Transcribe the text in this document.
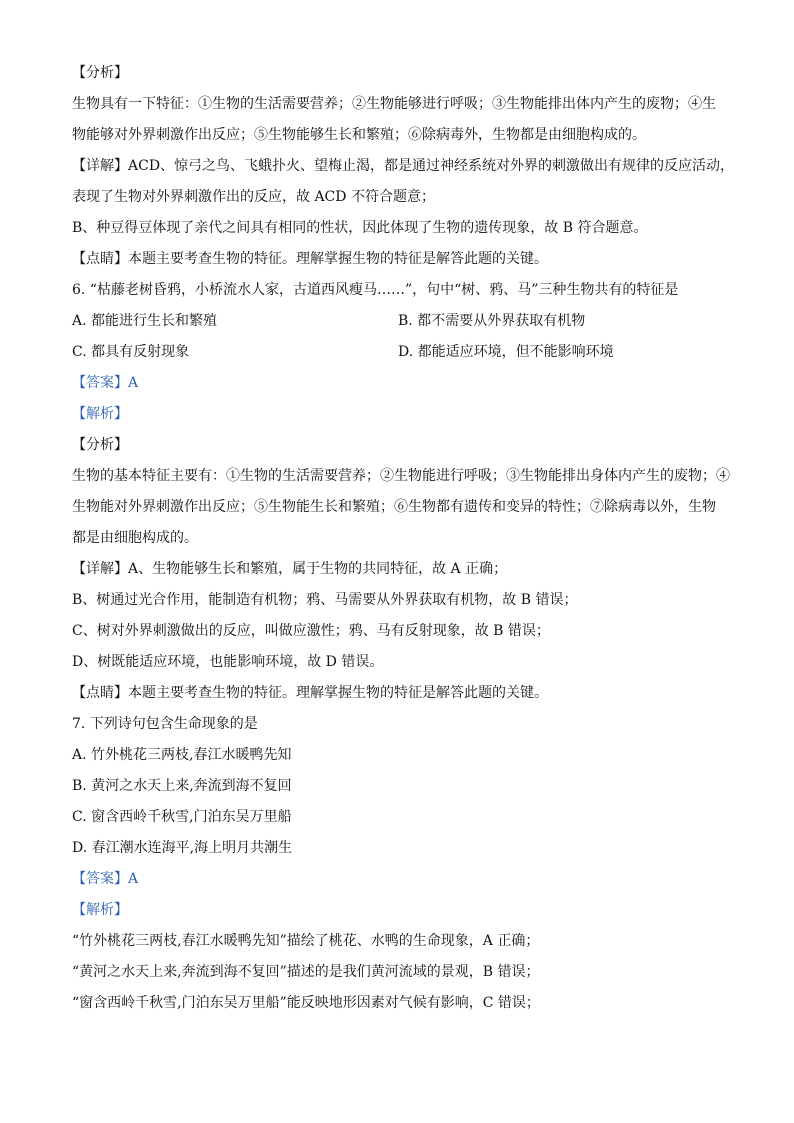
【分析】
生物具有一下特征：①生物的生活需要营养；②生物能够进行呼吸；③生物能排出体内产生的废物；④生
物能够对外界刺激作出反应；⑤生物能够生长和繁殖；⑥除病毒外，生物都是由细胞构成的。
【详解】ACD、惊弓之鸟、飞蛾扑火、望梅止渴，都是通过神经系统对外界的刺激做出有规律的反应活动，
表现了生物对外界刺激作出的反应，故 ACD 不符合题意；
B、种豆得豆体现了亲代之间具有相同的性状，因此体现了生物的遗传现象，故 B 符合题意。
【点睛】本题主要考查生物的特征。理解掌握生物的特征是解答此题的关键。
6. “枯藤老树昏鸦，小桥流水人家，古道西风瘦马……”，句中“树、鸦、马”三种生物共有的特征是
A. 都能进行生长和繁殖	B. 都不需要从外界获取有机物
C. 都具有反射现象	D. 都能适应环境，但不能影响环境
【答案】A
【解析】
【分析】
生物的基本特征主要有：①生物的生活需要营养；②生物能进行呼吸；③生物能排出身体内产生的废物；④
生物能对外界刺激作出反应；⑤生物能生长和繁殖；⑥生物都有遗传和变异的特性；⑦除病毒以外，生物
都是由细胞构成的。
【详解】A、生物能够生长和繁殖，属于生物的共同特征，故 A 正确；
B、树通过光合作用，能制造有机物；鸦、马需要从外界获取有机物，故 B 错误；
C、树对外界刺激做出的反应，叫做应激性；鸦、马有反射现象，故 B 错误；
D、树既能适应环境，也能影响环境，故 D 错误。
【点睛】本题主要考查生物的特征。理解掌握生物的特征是解答此题的关键。
7. 下列诗句包含生命现象的是
A. 竹外桃花三两枝,春江水暖鸭先知
B. 黄河之水天上来,奔流到海不复回
C. 窗含西岭千秋雪,门泊东吴万里船
D. 春江潮水连海平,海上明月共潮生
【答案】A
【解析】
“竹外桃花三两枝,春江水暖鸭先知”描绘了桃花、水鸭的生命现象，A 正确；
“黄河之水天上来,奔流到海不复回”描述的是我们黄河流域的景观，B 错误；
“窗含西岭千秋雪,门泊东吴万里船”能反映地形因素对气候有影响，C 错误；
